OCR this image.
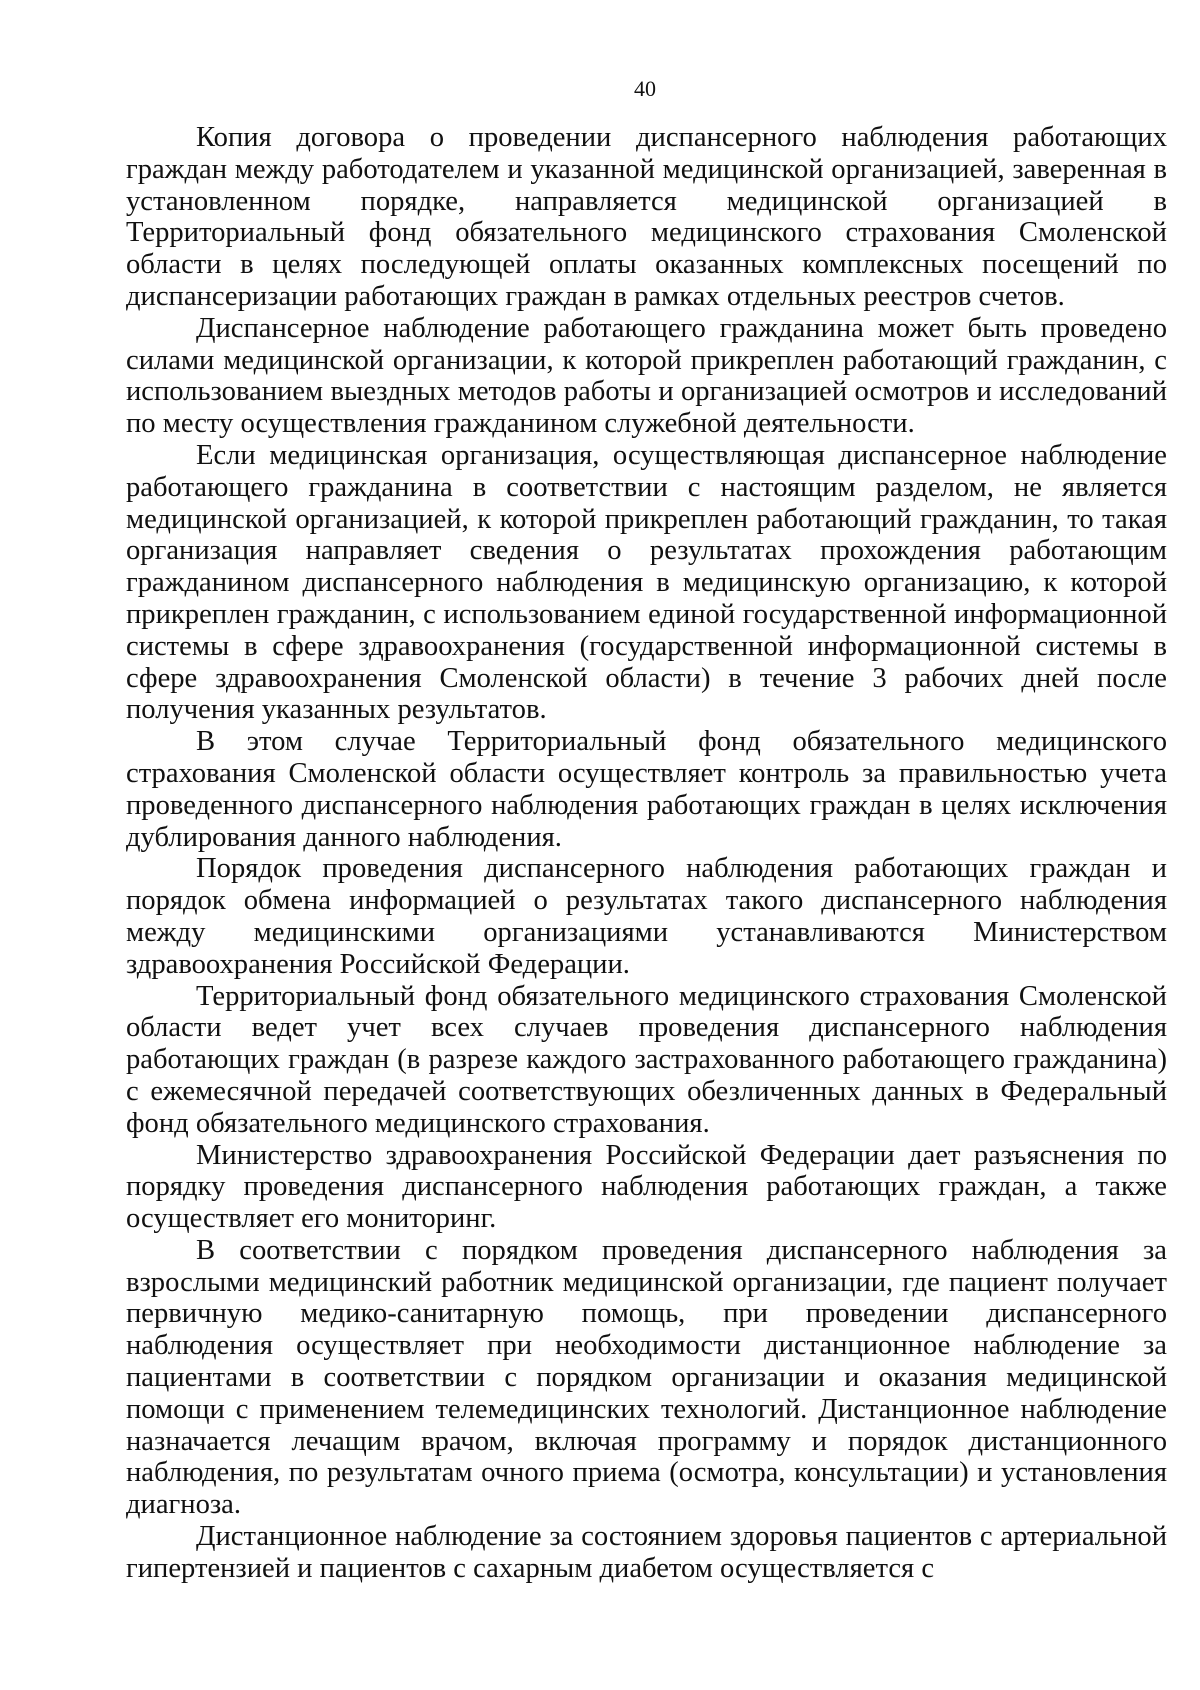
40

Копия договора о проведении диспансерного наблюдения работающих граждан между работодателем и указанной медицинской организацией, заверенная в установленном порядке, направляется медицинской организацией в Территориальный фонд обязательного медицинского страхования Смоленской области в целях последующей оплаты оказанных комплексных посещений по диспансеризации работающих граждан в рамках отдельных реестров счетов.

Диспансерное наблюдение работающего гражданина может быть проведено силами медицинской организации, к которой прикреплен работающий гражданин, с использованием выездных методов работы и организацией осмотров и исследований по месту осуществления гражданином служебной деятельности.

Если медицинская организация, осуществляющая диспансерное наблюдение работающего гражданина в соответствии с настоящим разделом, не является медицинской организацией, к которой прикреплен работающий гражданин, то такая организация направляет сведения о результатах прохождения работающим гражданином диспансерного наблюдения в медицинскую организацию, к которой прикреплен гражданин, с использованием единой государственной информационной системы в сфере здравоохранения (государственной информационной системы в сфере здравоохранения Смоленской области) в течение 3 рабочих дней после получения указанных результатов.

В этом случае Территориальный фонд обязательного медицинского страхования Смоленской области осуществляет контроль за правильностью учета проведенного диспансерного наблюдения работающих граждан в целях исключения дублирования данного наблюдения.

Порядок проведения диспансерного наблюдения работающих граждан и порядок обмена информацией о результатах такого диспансерного наблюдения между медицинскими организациями устанавливаются Министерством здравоохранения Российской Федерации.

Территориальный фонд обязательного медицинского страхования Смоленской области ведет учет всех случаев проведения диспансерного наблюдения работающих граждан (в разрезе каждого застрахованного работающего гражданина) с ежемесячной передачей соответствующих обезличенных данных в Федеральный фонд обязательного медицинского страхования.

Министерство здравоохранения Российской Федерации дает разъяснения по порядку проведения диспансерного наблюдения работающих граждан, а также осуществляет его мониторинг.

В соответствии с порядком проведения диспансерного наблюдения за взрослыми медицинский работник медицинской организации, где пациент получает первичную медико-санитарную помощь, при проведении диспансерного наблюдения осуществляет при необходимости дистанционное наблюдение за пациентами в соответствии с порядком организации и оказания медицинской помощи с применением телемедицинских технологий. Дистанционное наблюдение назначается лечащим врачом, включая программу и порядок дистанционного наблюдения, по результатам очного приема (осмотра, консультации) и установления диагноза.

Дистанционное наблюдение за состоянием здоровья пациентов с артериальной гипертензией и пациентов с сахарным диабетом осуществляется с
